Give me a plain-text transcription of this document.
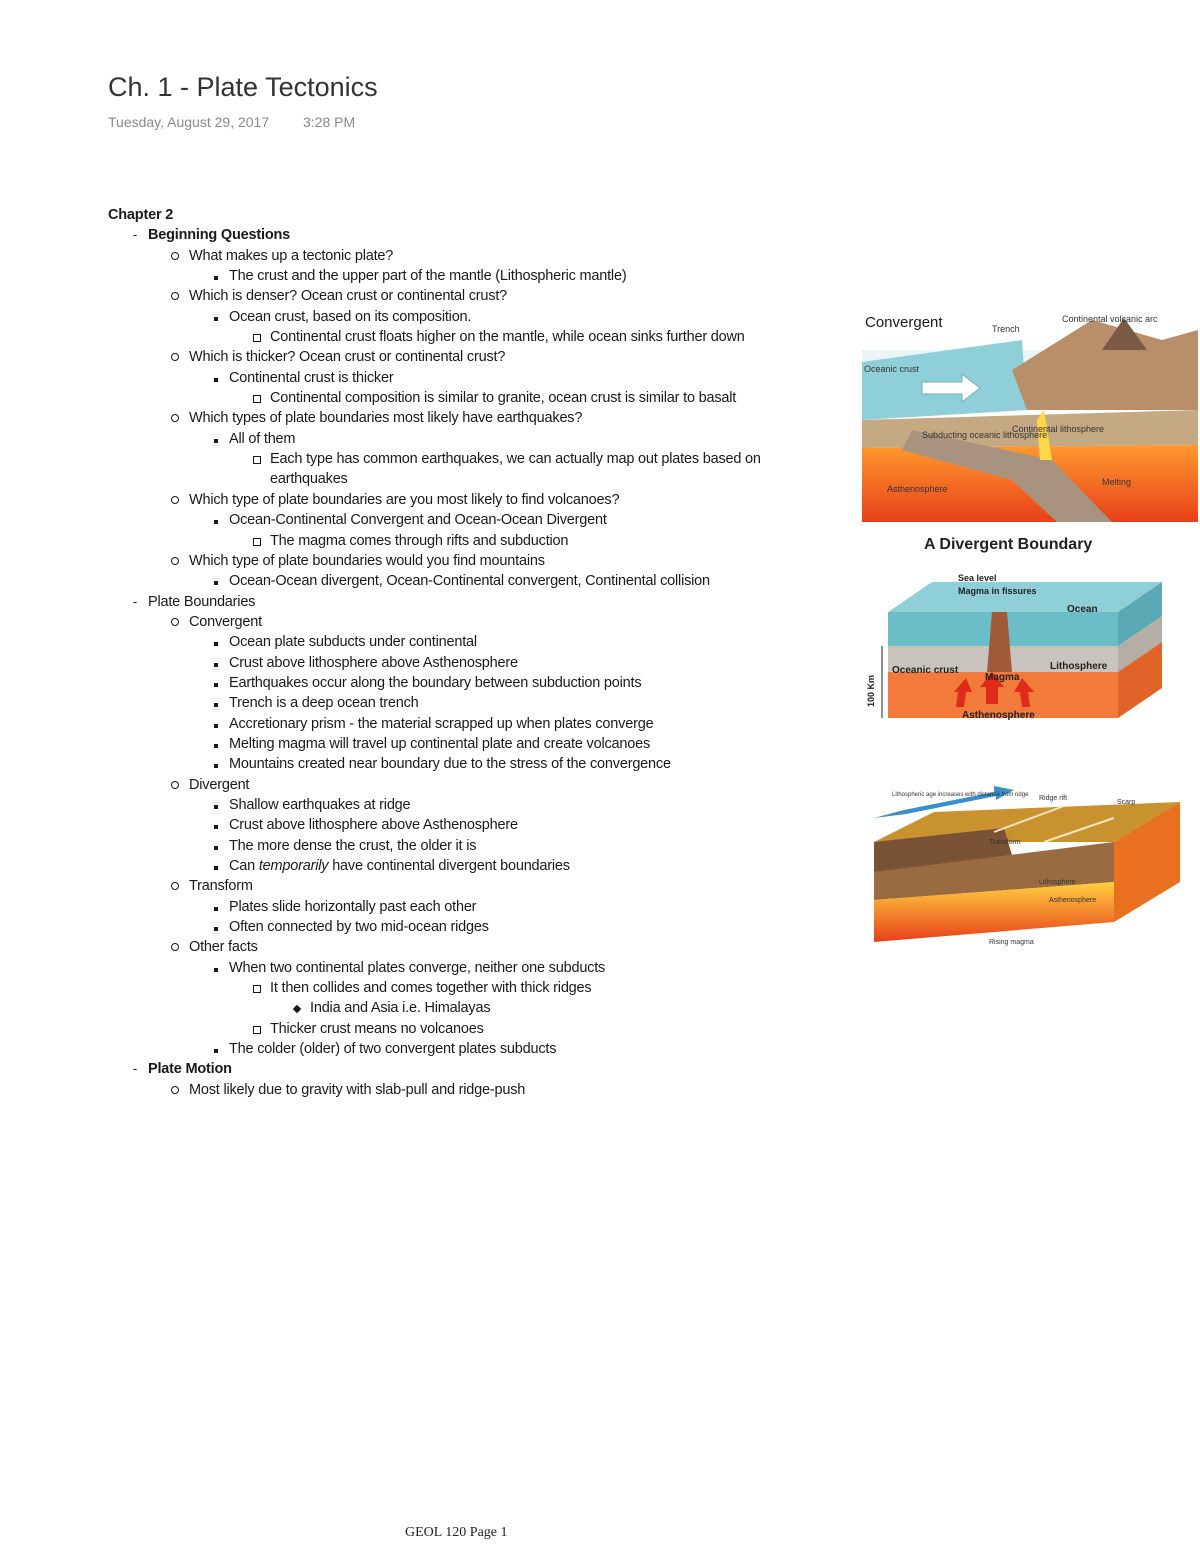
Ch. 1 - Plate Tectonics
Tuesday, August 29, 2017 3:28 PM
Chapter 2
- Beginning Questions
What makes up a tectonic plate?
The crust and the upper part of the mantle (Lithospheric mantle)
Which is denser? Ocean crust or continental crust?
Ocean crust, based on its composition.
Continental crust floats higher on the mantle, while ocean sinks further down
Which is thicker? Ocean crust or continental crust?
Continental crust is thicker
Continental composition is similar to granite, ocean crust is similar to basalt
Which types of plate boundaries most likely have earthquakes?
All of them
Each type has common earthquakes, we can actually map out plates based on earthquakes
Which type of plate boundaries are you most likely to find volcanoes?
Ocean-Continental Convergent and Ocean-Ocean Divergent
The magma comes through rifts and subduction
Which type of plate boundaries would you find mountains
Ocean-Ocean divergent, Ocean-Continental convergent, Continental collision
- Plate Boundaries
Convergent
Ocean plate subducts under continental
Crust above lithosphere above Asthenosphere
Earthquakes occur along the boundary between subduction points
Trench is a deep ocean trench
Accretionary prism - the material scrapped up when plates converge
Melting magma will travel up continental plate and create volcanoes
Mountains created near boundary due to the stress of the convergence
Divergent
Shallow earthquakes at ridge
Crust above lithosphere above Asthenosphere
The more dense the crust, the older it is
Can temporarily have continental divergent boundaries
Transform
Plates slide horizontally past each other
Often connected by two mid-ocean ridges
Other facts
When two continental plates converge, neither one subducts
It then collides and comes together with thick ridges
India and Asia i.e. Himalayas
Thicker crust means no volcanoes
The colder (older) of two convergent plates subducts
- Plate Motion
Most likely due to gravity with slab-pull and ridge-push
Convergent
Oceanic crust
Trench
Continental volcanic arc
Subducting oceanic lithosphere
Continental lithosphere
Asthenosphere
Melting
A Divergent Boundary
100 Km
Sea level
Magma in fissures
Ocean
Oceanic crust	Lithosphere
Magma
Asthenosphere
Lithospheric age increases with distance from ridge Ridge rift
Scarp
Transform
Lithosphere
Asthenosphere
Rising magma
GEOL 120 Page 1
